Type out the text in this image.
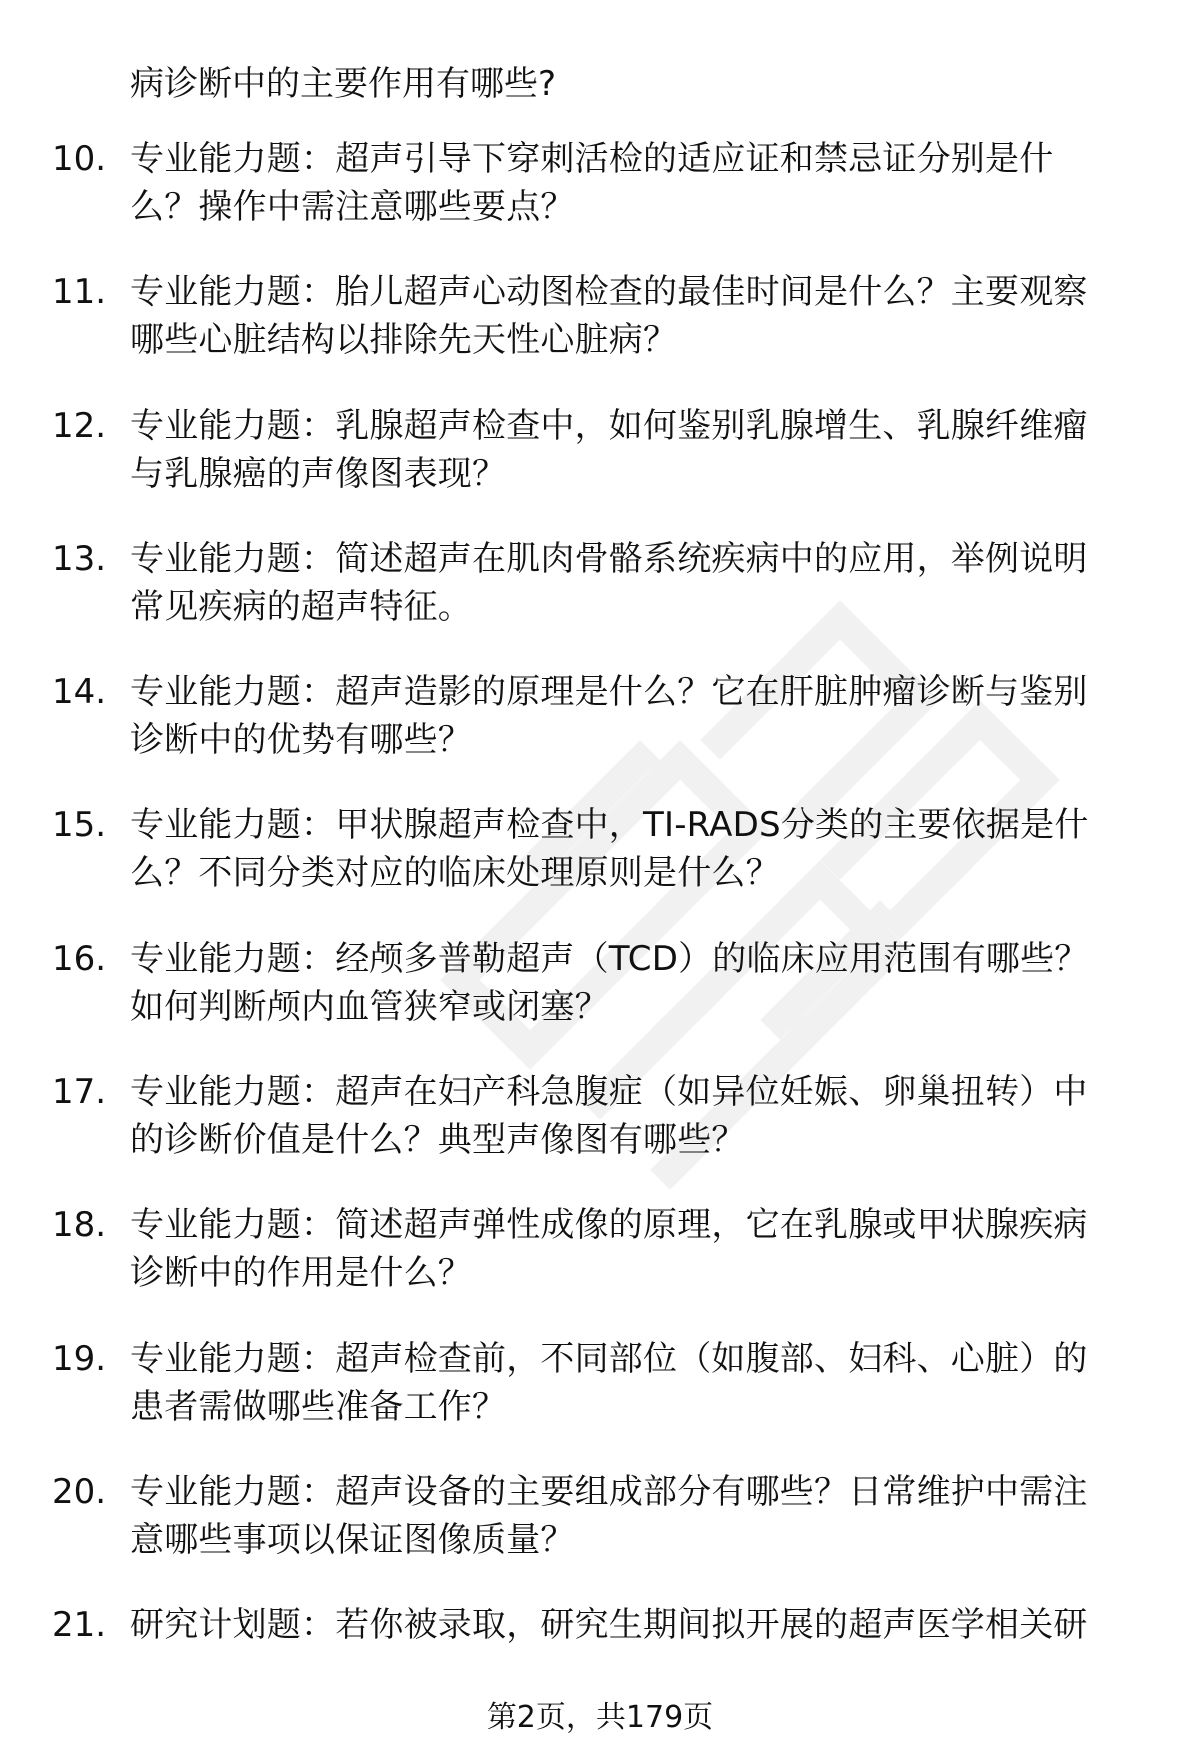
病诊断中的主要作用有哪些?
10. 专业能力题：超声引导下穿刺活检的适应证和禁忌证分别是什
么？操作中需注意哪些要点？
11. 专业能力题：胎儿超声心动图检查的最佳时间是什么？主要观察
哪些心脏结构以排除先天性心脏病？
12. 专业能力题：乳腺超声检查中，如何鉴别乳腺增生、乳腺纤维瘤
与乳腺癌的声像图表现？
13. 专业能力题：简述超声在肌肉骨骼系统疾病中的应用，举例说明
常见疾病的超声特征。
14. 专业能力题：超声造影的原理是什么？它在肝脏肿瘤诊断与鉴别
诊断中的优势有哪些？
15. 专业能力题：甲状腺超声检查中，TI-RADS分类的主要依据是什
么？不同分类对应的临床处理原则是什么？
16. 专业能力题：经颅多普勒超声（TCD）的临床应用范围有哪些？
如何判断颅内血管狭窄或闭塞？
17. 专业能力题：超声在妇产科急腹症（如异位妊娠、卵巢扭转）中
的诊断价值是什么？典型声像图有哪些？
18. 专业能力题：简述超声弹性成像的原理，它在乳腺或甲状腺疾病
诊断中的作用是什么？
19. 专业能力题：超声检查前，不同部位（如腹部、妇科、心脏）的
患者需做哪些准备工作？
20. 专业能力题：超声设备的主要组成部分有哪些？日常维护中需注
意哪些事项以保证图像质量？
21. 研究计划题：若你被录取，研究生期间拟开展的超声医学相关研
第2页，共179页
